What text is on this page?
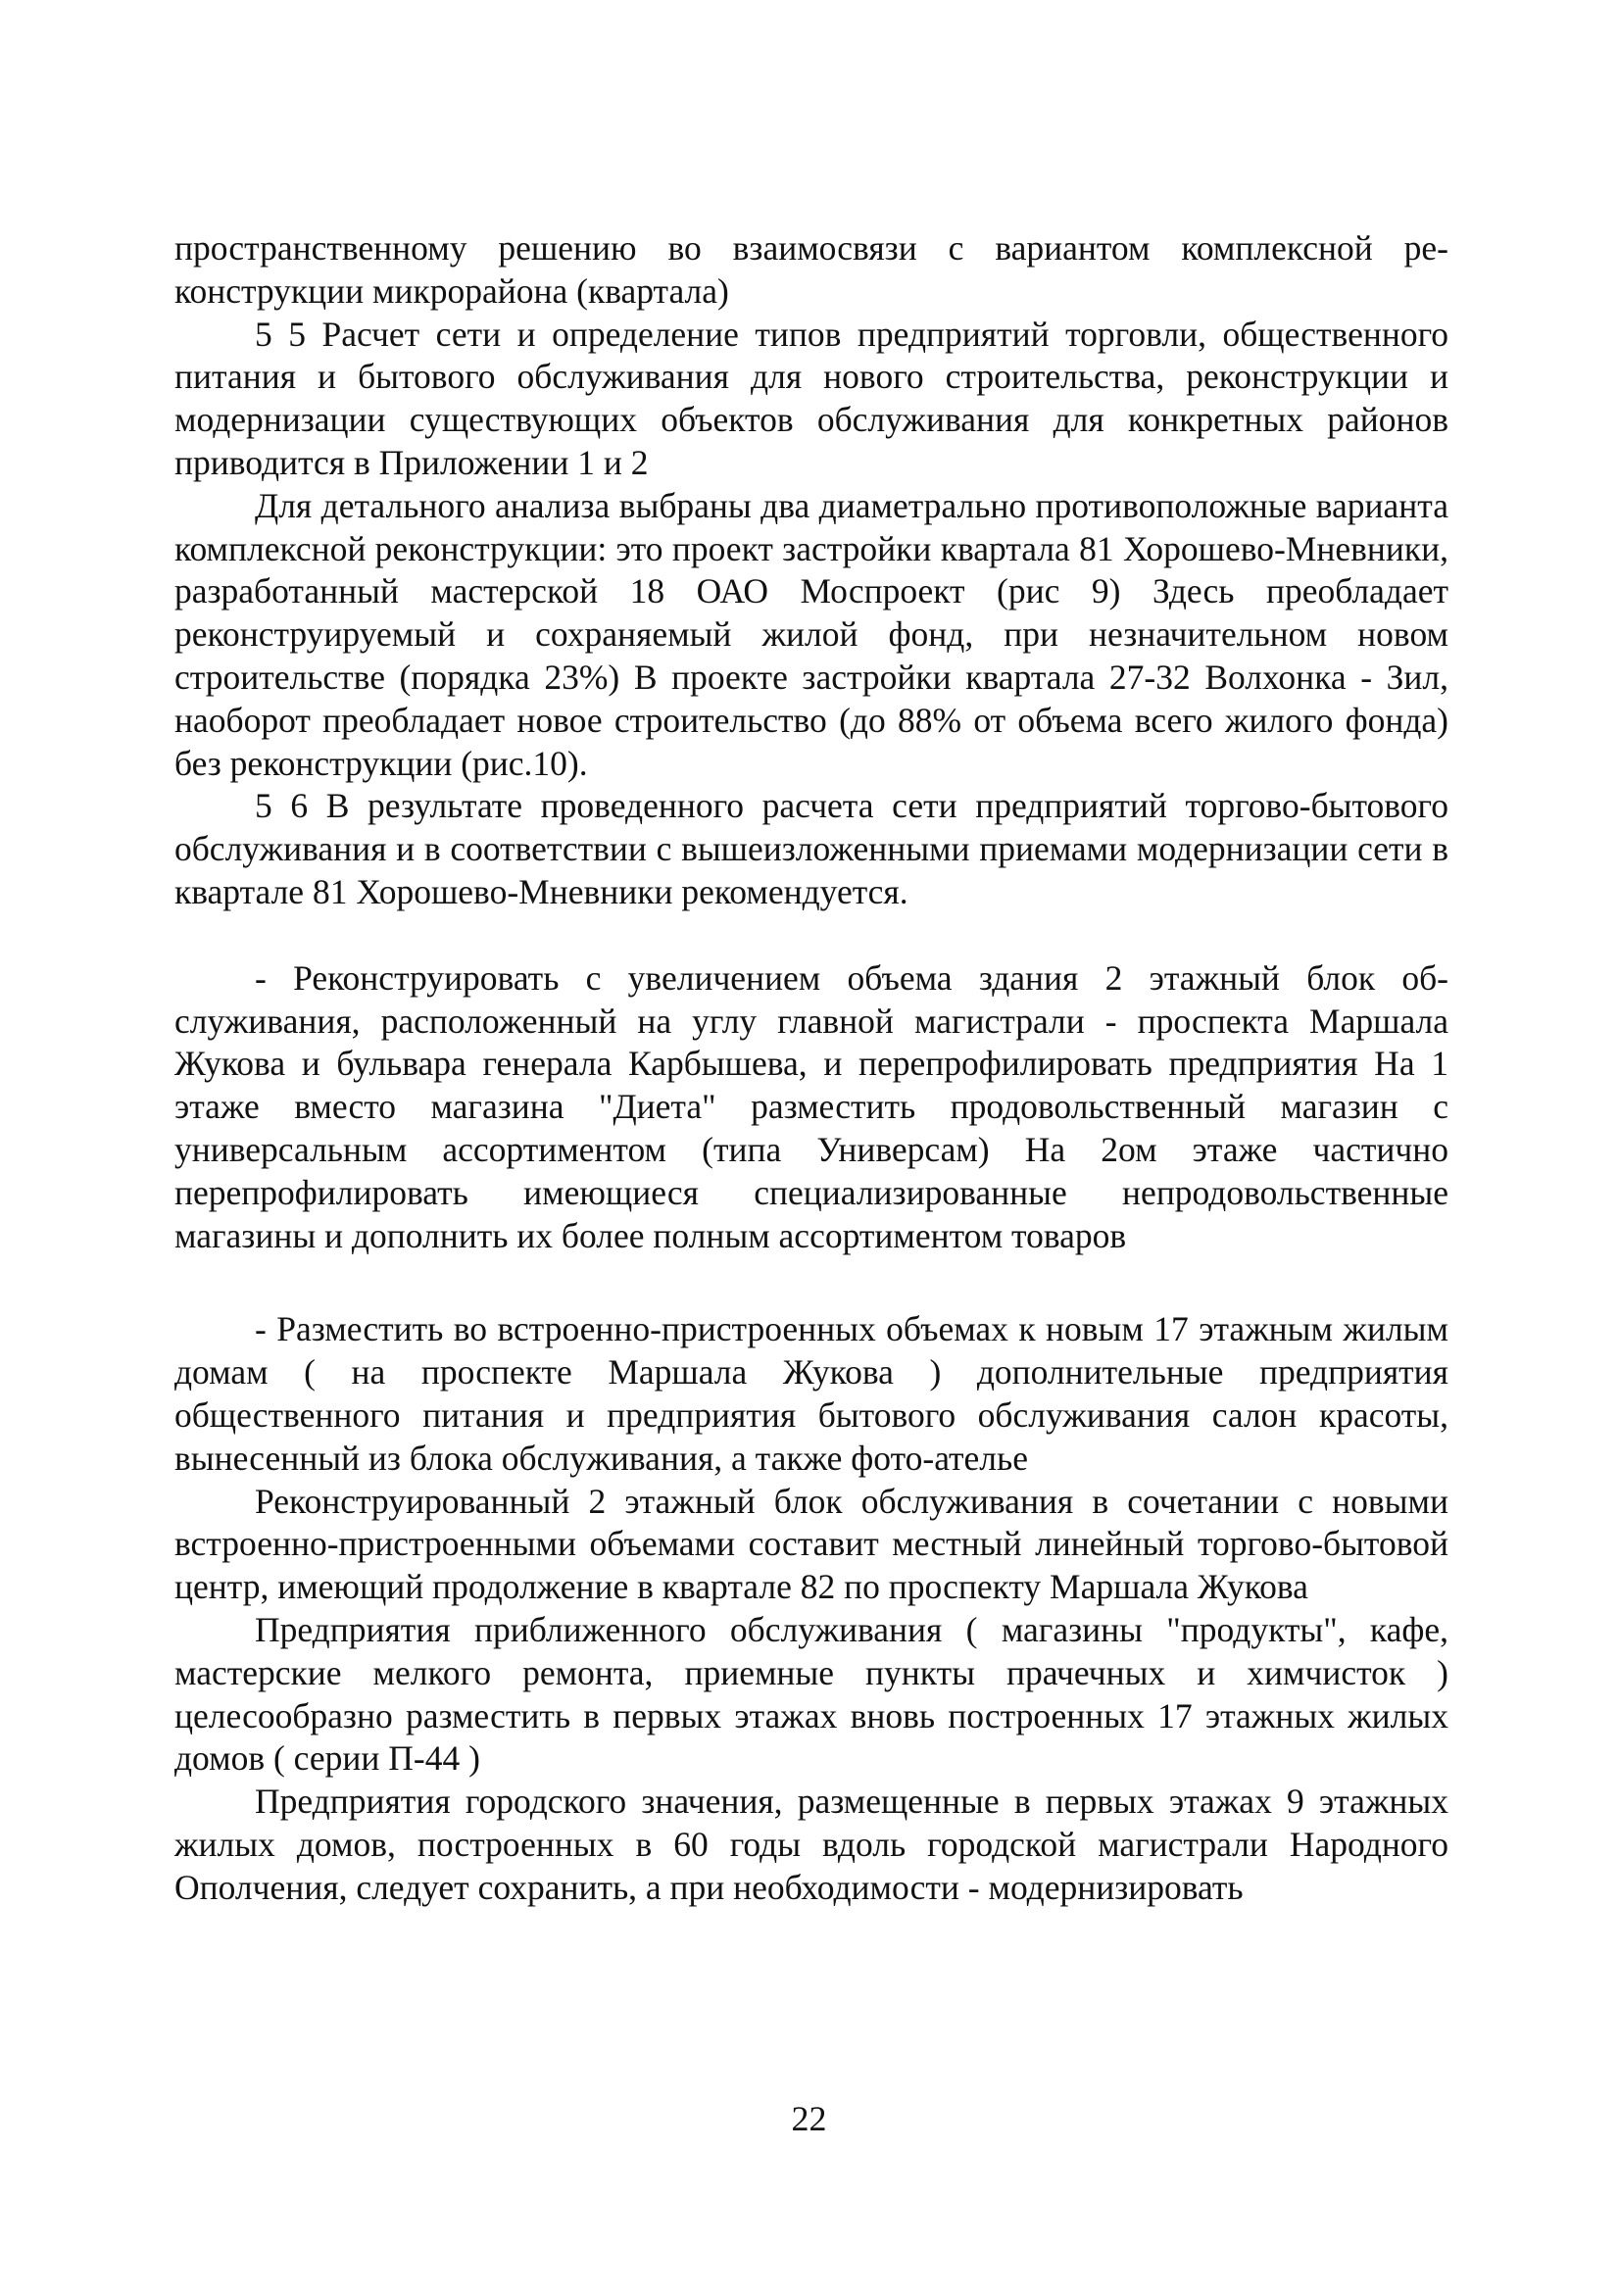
пространственному решению во взаимосвязи с вариантом комплексной реконструкции микрорайона (квартала)

5 5 Расчет сети и определение типов предприятий торговли, общественного питания и бытового обслуживания для нового строительства, реконструкции и модернизации существующих объектов обслуживания для конкретных районов приводится в Приложении 1 и 2

Для детального анализа выбраны два диаметрально противоположные варианта комплексной реконструкции: это проект застройки квартала 81 Хорошево-Мневники, разработанный мастерской 18 ОАО Моспроект (рис 9) Здесь преобладает реконструируемый и сохраняемый жилой фонд, при незначительном новом строительстве (порядка 23%) В проекте застройки квартала 27-32 Волхонка - Зил, наоборот преобладает новое строительство (до 88% от объема всего жилого фонда) без реконструкции (рис.10).

5 6 В результате проведенного расчета сети предприятий торгово-бытового обслуживания и в соответствии с вышеизложенными приемами модернизации сети в квартале 81 Хорошево-Мневники рекомендуется.

- Реконструировать с увеличением объема здания 2 этажный блок обслуживания, расположенный на углу главной магистрали - проспекта Маршала Жукова и бульвара генерала Карбышева, и перепрофилировать предприятия На 1 этаже вместо магазина "Диета" разместить продовольственный магазин с универсальным ассортиментом (типа Универсам) На 2ом этаже частично перепрофилировать имеющиеся специализированные непродовольственные магазины и дополнить их более полным ассортиментом товаров

- Разместить во встроенно-пристроенных объемах к новым 17 этажным жилым домам ( на проспекте Маршала Жукова ) дополнительные предприятия общественного питания и предприятия бытового обслуживания салон красоты, вынесенный из блока обслуживания, а также фото-ателье

Реконструированный 2 этажный блок обслуживания в сочетании с новыми встроенно-пристроенными объемами составит местный линейный торгово-бытовой центр, имеющий продолжение в квартале 82 по проспекту Маршала Жукова

Предприятия приближенного обслуживания ( магазины "продукты", кафе, мастерские мелкого ремонта, приемные пункты прачечных и химчисток ) целесообразно разместить в первых этажах вновь построенных 17 этажных жилых домов ( серии П-44 )

Предприятия городского значения, размещенные в первых этажах 9 этажных жилых домов, построенных в 60 годы вдоль городской магистрали Народного Ополчения, следует сохранить, а при необходимости - модернизировать

22
